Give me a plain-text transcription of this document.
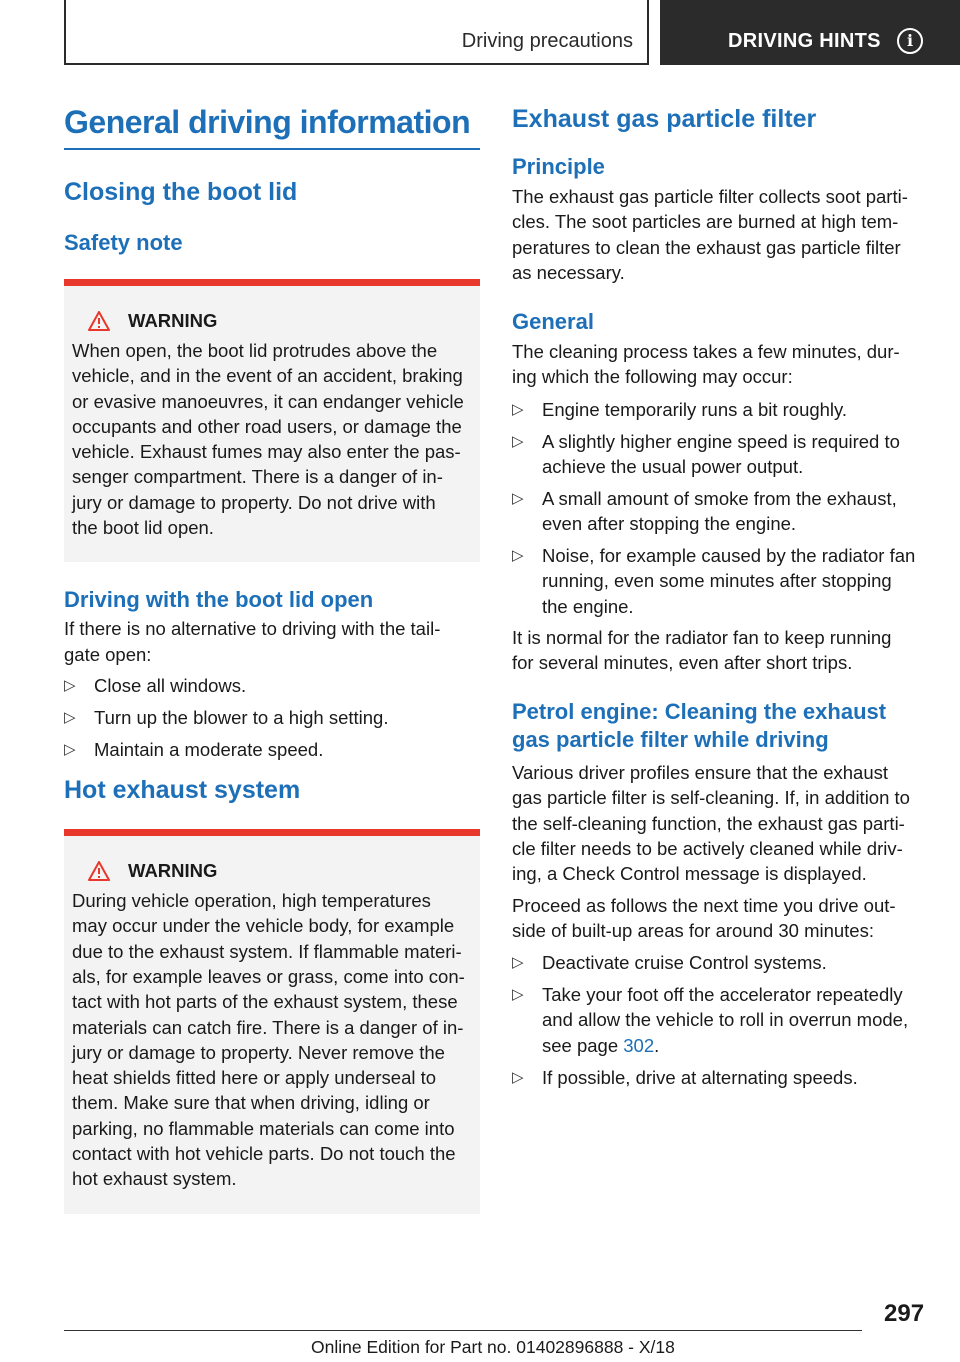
Driving precautions	DRIVING HINTS	i
General driving information
Closing the boot lid
Safety note
WARNING
When open, the boot lid protrudes above the
vehicle, and in the event of an accident, braking
or evasive manoeuvres, it can endanger vehicle
occupants and other road users, or damage the
vehicle. Exhaust fumes may also enter the pas-
senger compartment. There is a danger of in-
jury or damage to property. Do not drive with
the boot lid open.
Driving with the boot lid open
If there is no alternative to driving with the tail-
gate open:
▷ Close all windows.
▷ Turn up the blower to a high setting.
▷ Maintain a moderate speed.
Hot exhaust system
WARNING
During vehicle operation, high temperatures
may occur under the vehicle body, for example
due to the exhaust system. If flammable materi-
als, for example leaves or grass, come into con-
tact with hot parts of the exhaust system, these
materials can catch fire. There is a danger of in-
jury or damage to property. Never remove the
heat shields fitted here or apply underseal to
them. Make sure that when driving, idling or
parking, no flammable materials can come into
contact with hot vehicle parts. Do not touch the
hot exhaust system.
Exhaust gas particle filter
Principle
The exhaust gas particle filter collects soot parti-
cles. The soot particles are burned at high tem-
peratures to clean the exhaust gas particle filter
as necessary.
General
The cleaning process takes a few minutes, dur-
ing which the following may occur:
▷ Engine temporarily runs a bit roughly.
▷ A slightly higher engine speed is required to
achieve the usual power output.
▷ A small amount of smoke from the exhaust,
even after stopping the engine.
▷ Noise, for example caused by the radiator fan
running, even some minutes after stopping
the engine.
It is normal for the radiator fan to keep running
for several minutes, even after short trips.
Petrol engine: Cleaning the exhaust
gas particle filter while driving
Various driver profiles ensure that the exhaust
gas particle filter is self-cleaning. If, in addition to
the self-cleaning function, the exhaust gas parti-
cle filter needs to be actively cleaned while driv-
ing, a Check Control message is displayed.
Proceed as follows the next time you drive out-
side of built-up areas for around 30 minutes:
▷ Deactivate cruise Control systems.
▷ Take your foot off the accelerator repeatedly
and allow the vehicle to roll in overrun mode,
see page 302.
▷ If possible, drive at alternating speeds.
297
Online Edition for Part no. 01402896888 - X/18
